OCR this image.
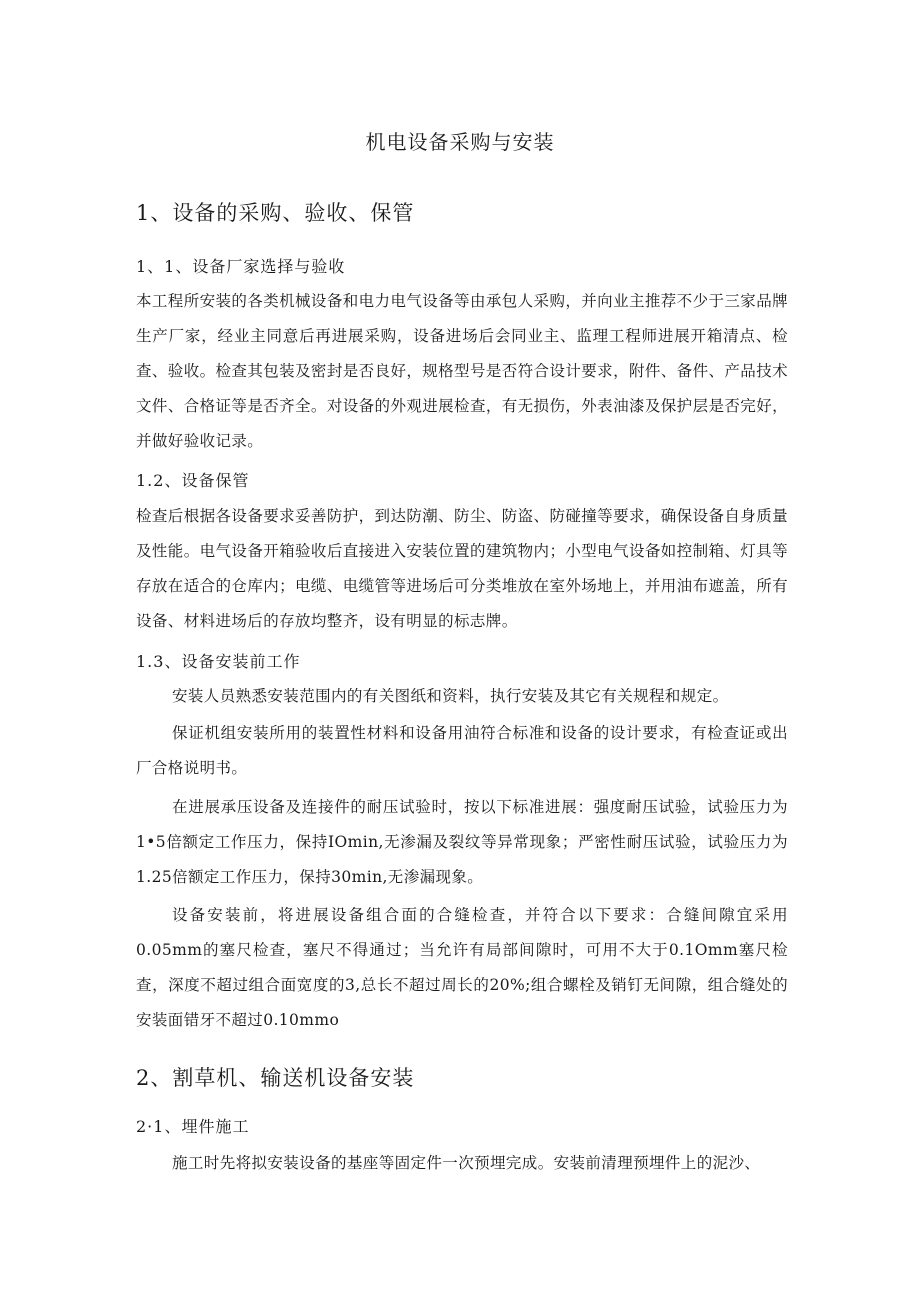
机电设备采购与安装
1、设备的采购、验收、保管
1、1、设备厂家选择与验收

本工程所安装的各类机械设备和电力电气设备等由承包人采购，并向业主推荐不少于三家品牌生产厂家，经业主同意后再进展采购，设备进场后会同业主、监理工程师进展开箱清点、检查、验收。检查其包装及密封是否良好，规格型号是否符合设计要求，附件、备件、产品技术文件、合格证等是否齐全。对设备的外观进展检查，有无损伤，外表油漆及保护层是否完好，并做好验收记录。

1.2、设备保管

检查后根据各设备要求妥善防护，到达防潮、防尘、防盗、防碰撞等要求，确保设备自身质量及性能。电气设备开箱验收后直接进入安装位置的建筑物内；小型电气设备如控制箱、灯具等存放在适合的仓库内；电缆、电缆管等进场后可分类堆放在室外场地上，并用油布遮盖，所有设备、材料进场后的存放均整齐，设有明显的标志牌。

1.3、设备安装前工作

安装人员熟悉安装范围内的有关图纸和资料，执行安装及其它有关规程和规定。

保证机组安装所用的装置性材料和设备用油符合标准和设备的设计要求，有检查证或出厂合格说明书。

在进展承压设备及连接件的耐压试验时，按以下标准进展：强度耐压试验，试验压力为1•5倍额定工作压力，保持IOmin,无渗漏及裂纹等异常现象；严密性耐压试验，试验压力为1.25倍额定工作压力，保持30min,无渗漏现象。

设备安装前，将进展设备组合面的合缝检查，并符合以下要求：合缝间隙宜采用0.05mm的塞尺检查，塞尺不得通过；当允许有局部间隙时，可用不大于0.1Omm塞尺检查，深度不超过组合面宽度的3,总长不超过周长的20%;组合螺栓及销钉无间隙，组合缝处的安装面错牙不超过0.10mmo

2、割草机、输送机设备安装
2·1、埋件施工

施工时先将拟安装设备的基座等固定件一次预埋完成。安装前清理预埋件上的泥沙、
